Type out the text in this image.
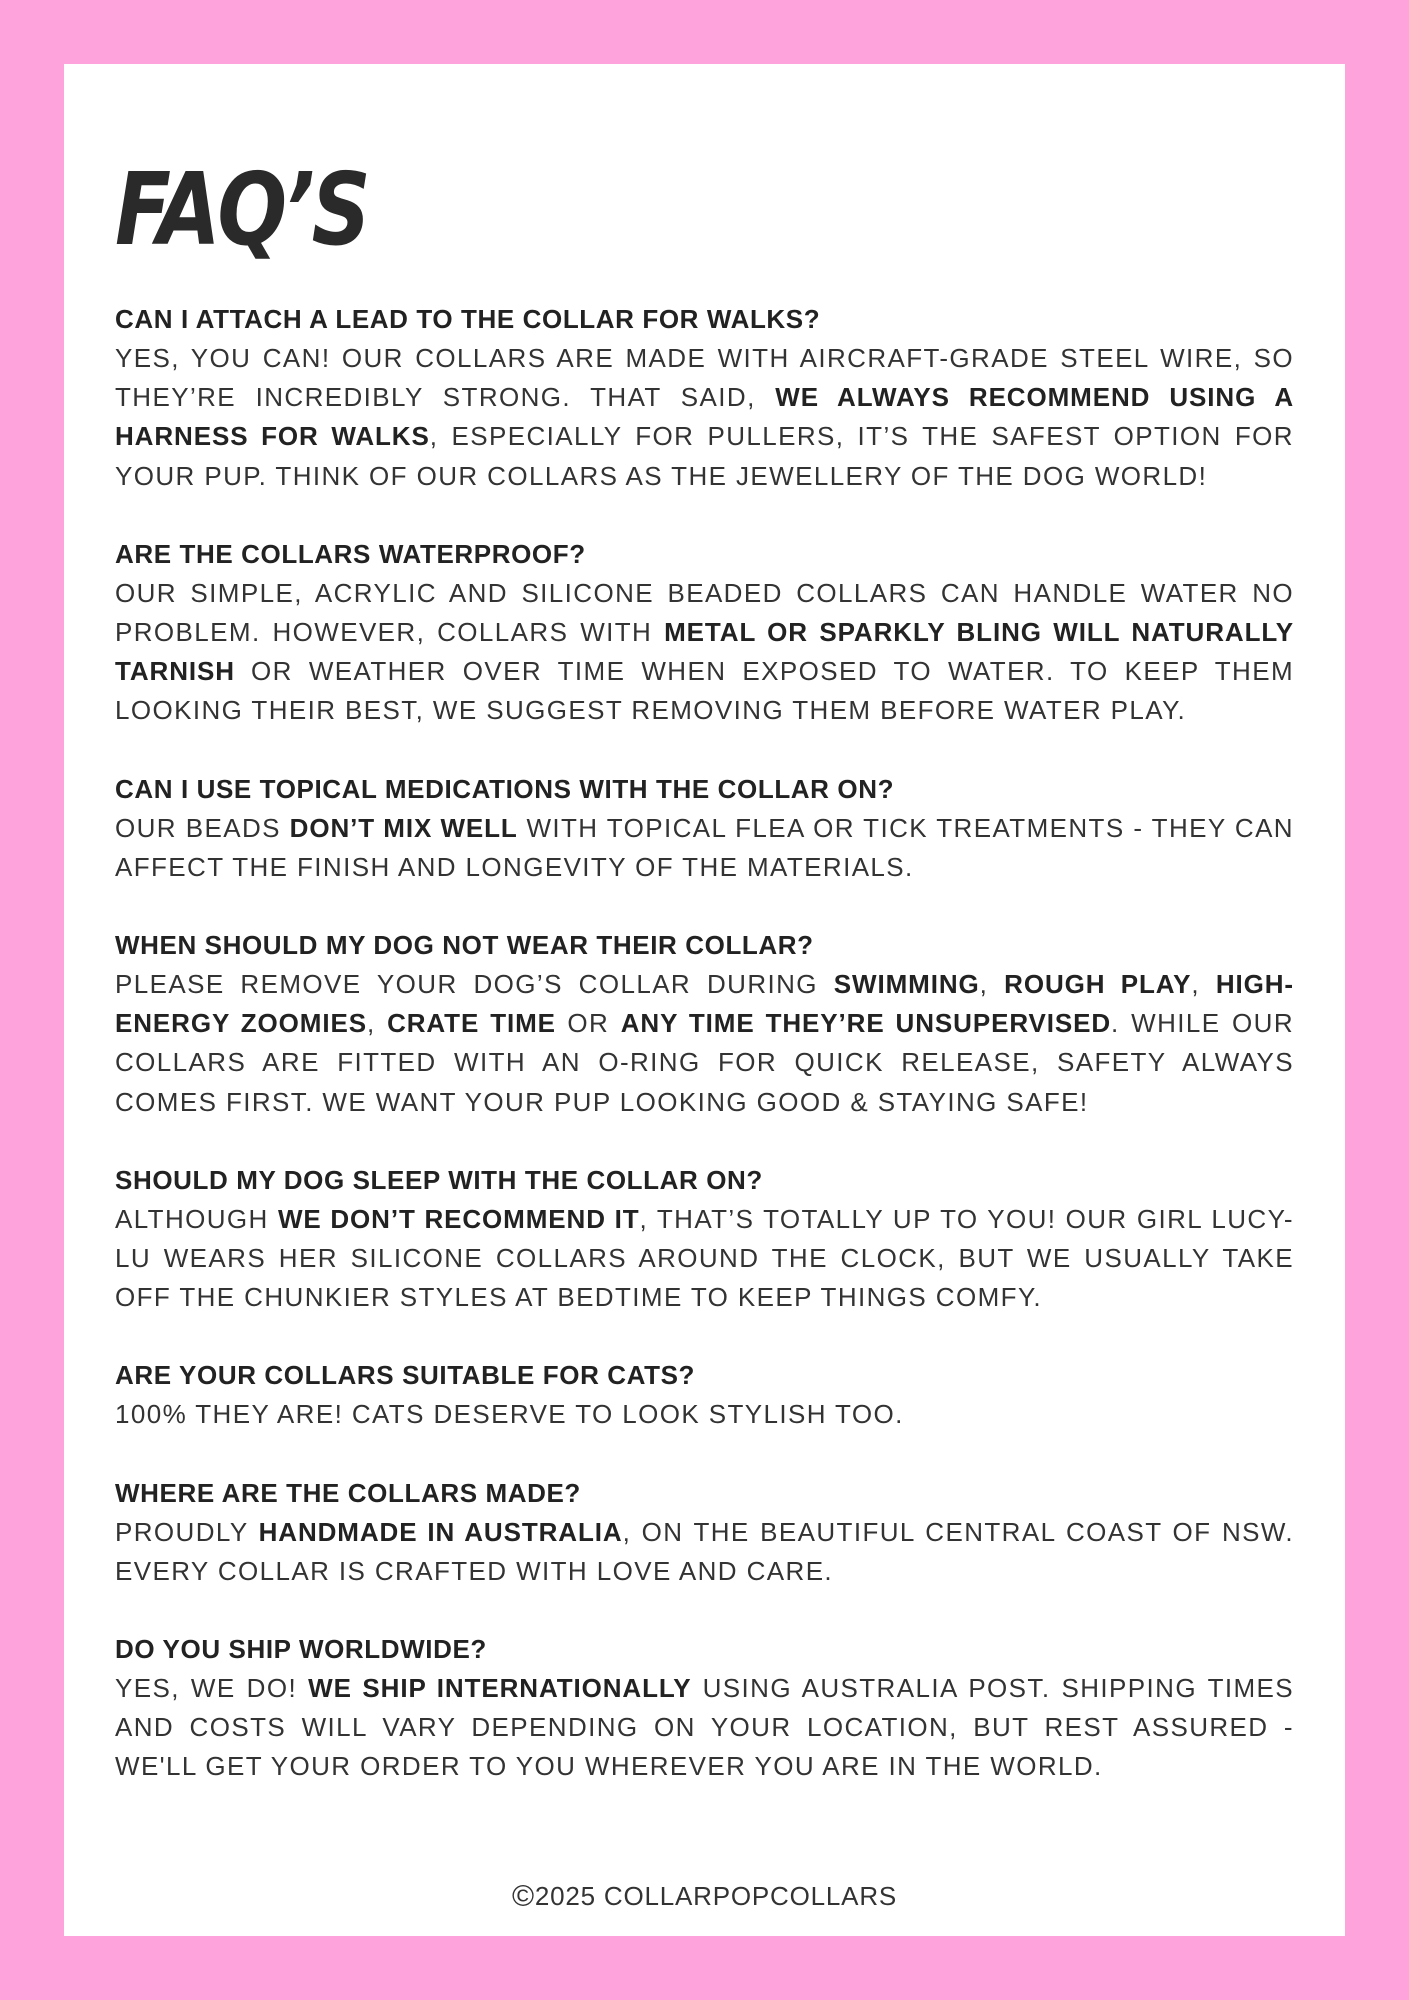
FAQ’S

CAN I ATTACH A LEAD TO THE COLLAR FOR WALKS?

YES, YOU CAN! OUR COLLARS ARE MADE WITH AIRCRAFT-GRADE STEEL WIRE, SO THEY’RE INCREDIBLY STRONG. THAT SAID, WE ALWAYS RECOMMEND USING A HARNESS FOR WALKS, ESPECIALLY FOR PULLERS, IT’S THE SAFEST OPTION FOR YOUR PUP. THINK OF OUR COLLARS AS THE JEWELLERY OF THE DOG WORLD!

ARE THE COLLARS WATERPROOF?

OUR SIMPLE, ACRYLIC AND SILICONE BEADED COLLARS CAN HANDLE WATER NO PROBLEM. HOWEVER, COLLARS WITH METAL OR SPARKLY BLING WILL NATURALLY TARNISH OR WEATHER OVER TIME WHEN EXPOSED TO WATER. TO KEEP THEM LOOKING THEIR BEST, WE SUGGEST REMOVING THEM BEFORE WATER PLAY.

CAN I USE TOPICAL MEDICATIONS WITH THE COLLAR ON?

OUR BEADS DON’T MIX WELL WITH TOPICAL FLEA OR TICK TREATMENTS - THEY CAN AFFECT THE FINISH AND LONGEVITY OF THE MATERIALS.

WHEN SHOULD MY DOG NOT WEAR THEIR COLLAR?

PLEASE REMOVE YOUR DOG’S COLLAR DURING SWIMMING, ROUGH PLAY, HIGH-ENERGY ZOOMIES, CRATE TIME OR ANY TIME THEY’RE UNSUPERVISED. WHILE OUR COLLARS ARE FITTED WITH AN O-RING FOR QUICK RELEASE, SAFETY ALWAYS COMES FIRST. WE WANT YOUR PUP LOOKING GOOD & STAYING SAFE!

SHOULD MY DOG SLEEP WITH THE COLLAR ON?

ALTHOUGH WE DON’T RECOMMEND IT, THAT’S TOTALLY UP TO YOU! OUR GIRL LUCY-LU WEARS HER SILICONE COLLARS AROUND THE CLOCK, BUT WE USUALLY TAKE OFF THE CHUNKIER STYLES AT BEDTIME TO KEEP THINGS COMFY.

ARE YOUR COLLARS SUITABLE FOR CATS?

100% THEY ARE! CATS DESERVE TO LOOK STYLISH TOO.

WHERE ARE THE COLLARS MADE?

PROUDLY HANDMADE IN AUSTRALIA, ON THE BEAUTIFUL CENTRAL COAST OF NSW. EVERY COLLAR IS CRAFTED WITH LOVE AND CARE.

DO YOU SHIP WORLDWIDE?

YES, WE DO! WE SHIP INTERNATIONALLY USING AUSTRALIA POST. SHIPPING TIMES AND COSTS WILL VARY DEPENDING ON YOUR LOCATION, BUT REST ASSURED - WE'LL GET YOUR ORDER TO YOU WHEREVER YOU ARE IN THE WORLD.

©2025 COLLARPOPCOLLARS
